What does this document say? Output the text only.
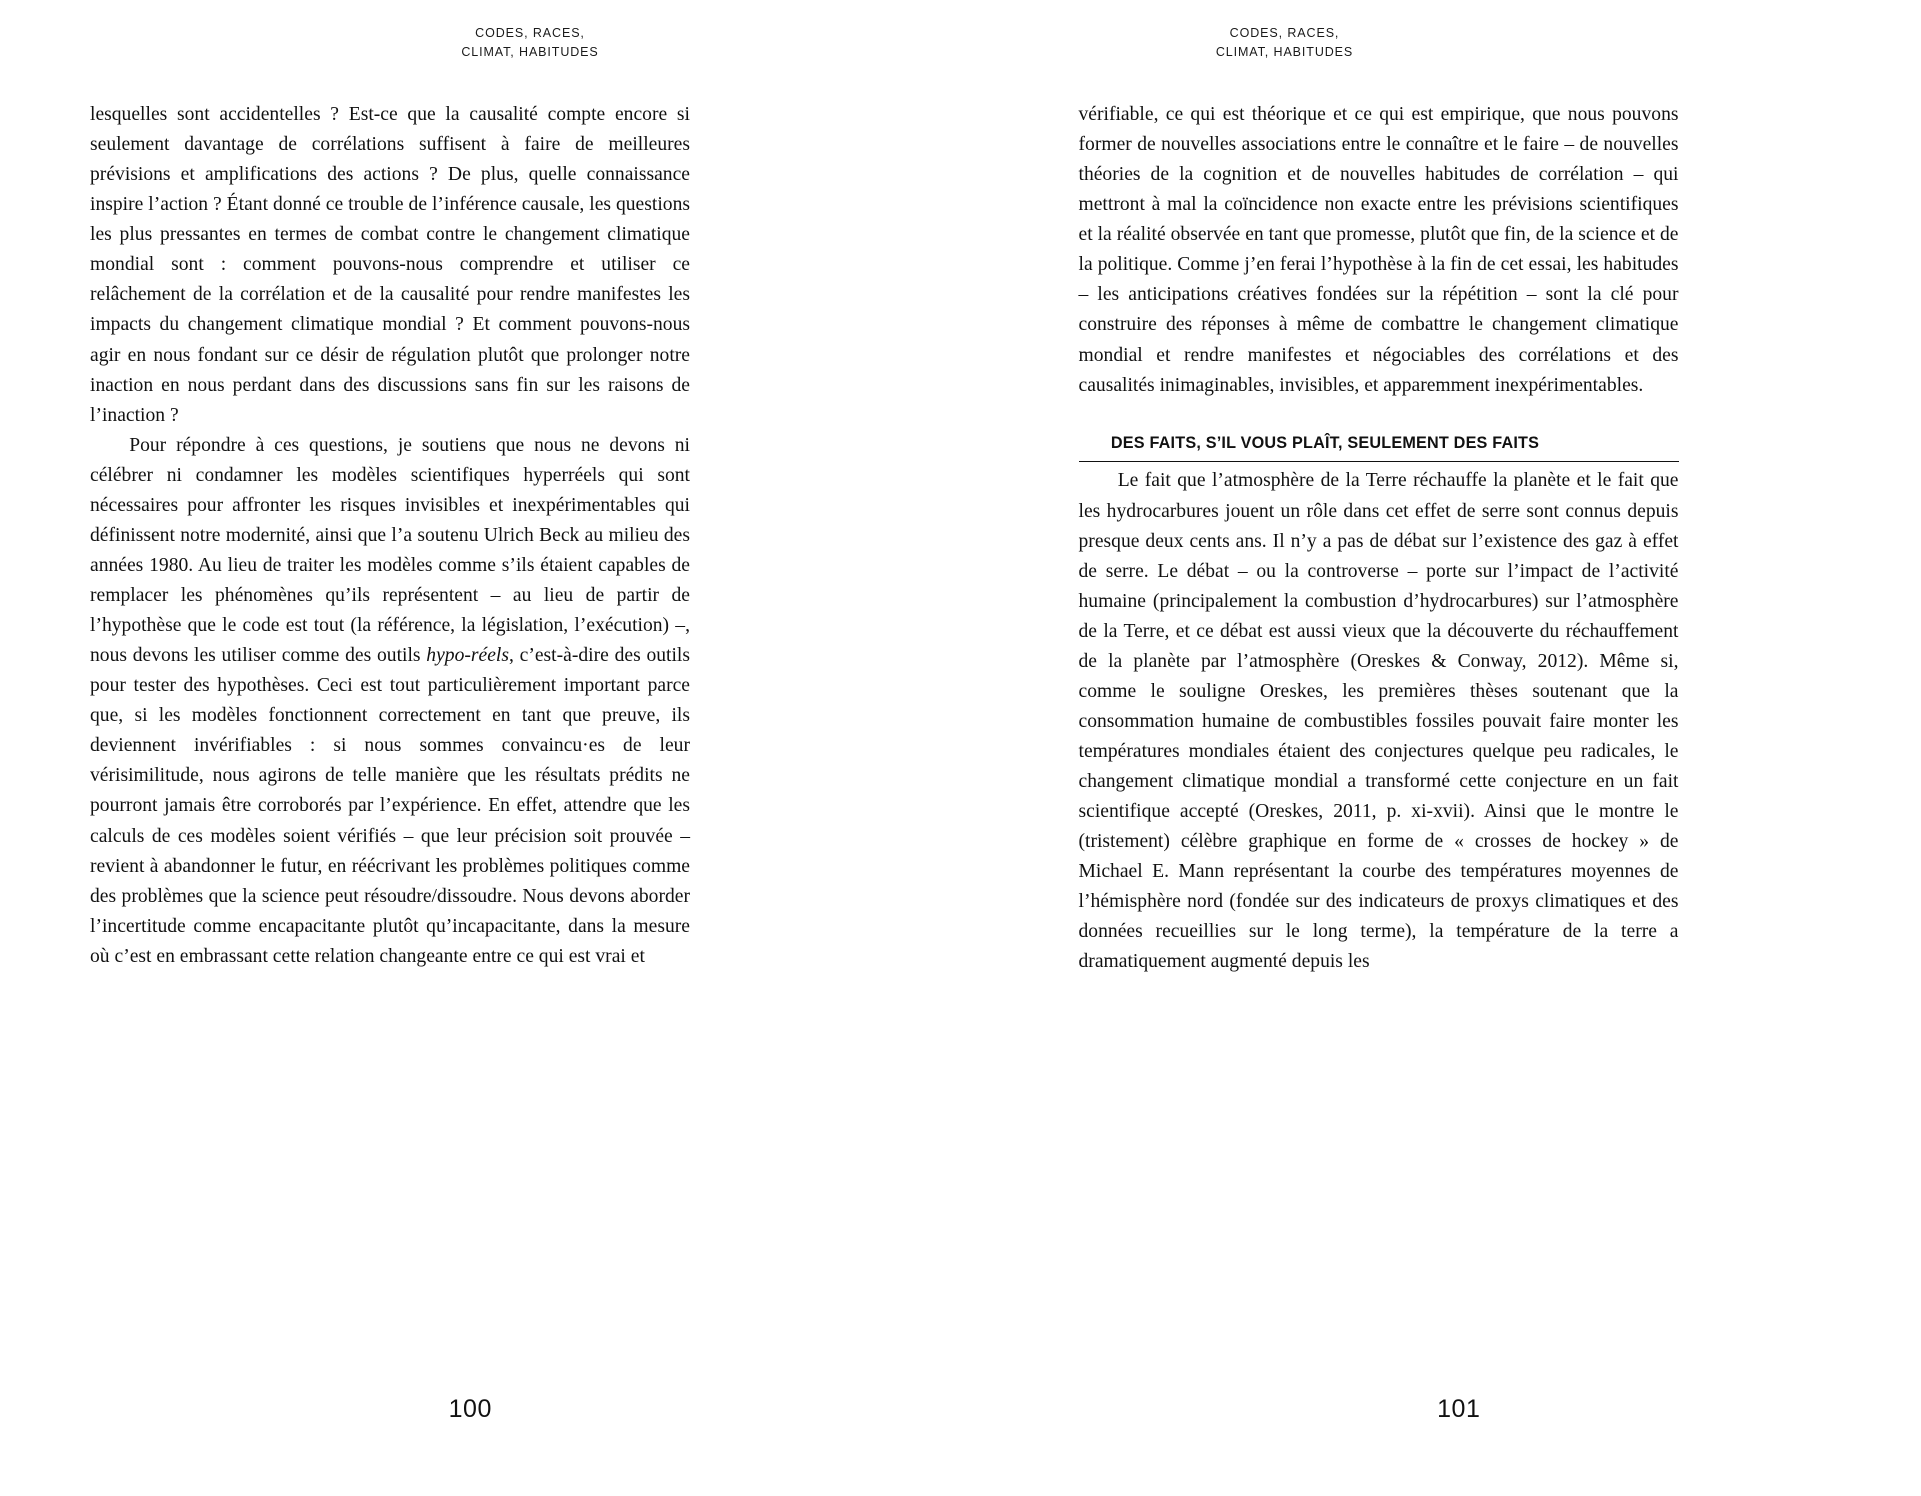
CODES, RACES,
CLIMAT, HABITUDES

lesquelles sont accidentelles ? Est-ce que la causalité compte encore si seulement davantage de corrélations suffisent à faire de meilleures prévisions et amplifications des actions ? De plus, quelle connaissance inspire l’action ? Étant donné ce trouble de l’inférence causale, les questions les plus pressantes en termes de combat contre le changement climatique mondial sont : comment pouvons-nous comprendre et utiliser ce relâchement de la corrélation et de la causalité pour rendre manifestes les impacts du changement climatique mondial ? Et comment pouvons-nous agir en nous fondant sur ce désir de régulation plutôt que prolonger notre inaction en nous perdant dans des discussions sans fin sur les raisons de l’inaction ?

Pour répondre à ces questions, je soutiens que nous ne devons ni célébrer ni condamner les modèles scientifiques hyperréels qui sont nécessaires pour affronter les risques invisibles et inexpérimentables qui définissent notre modernité, ainsi que l’a soutenu Ulrich Beck au milieu des années 1980. Au lieu de traiter les modèles comme s’ils étaient capables de remplacer les phénomènes qu’ils représentent – au lieu de partir de l’hypothèse que le code est tout (la référence, la législation, l’exécution) –, nous devons les utiliser comme des outils hypo-réels, c’est-à-dire des outils pour tester des hypothèses. Ceci est tout particulièrement important parce que, si les modèles fonctionnent correctement en tant que preuve, ils deviennent invérifiables : si nous sommes convaincu·es de leur vérisimilitude, nous agirons de telle manière que les résultats prédits ne pourront jamais être corroborés par l’expérience. En effet, attendre que les calculs de ces modèles soient vérifiés – que leur précision soit prouvée – revient à abandonner le futur, en réécrivant les problèmes politiques comme des problèmes que la science peut résoudre/dissoudre. Nous devons aborder l’incertitude comme encapacitante plutôt qu’incapacitante, dans la mesure où c’est en embrassant cette relation changeante entre ce qui est vrai et

100
CODES, RACES,
CLIMAT, HABITUDES

vérifiable, ce qui est théorique et ce qui est empirique, que nous pouvons former de nouvelles associations entre le connaître et le faire – de nouvelles théories de la cognition et de nouvelles habitudes de corrélation – qui mettront à mal la coïncidence non exacte entre les prévisions scientifiques et la réalité observée en tant que promesse, plutôt que fin, de la science et de la politique. Comme j’en ferai l’hypothèse à la fin de cet essai, les habitudes – les anticipations créatives fondées sur la répétition – sont la clé pour construire des réponses à même de combattre le changement climatique mondial et rendre manifestes et négociables des corrélations et des causalités inimaginables, invisibles, et apparemment inexpérimentables.

DES FAITS, S’IL VOUS PLAÎT, SEULEMENT DES FAITS

Le fait que l’atmosphère de la Terre réchauffe la planète et le fait que les hydrocarbures jouent un rôle dans cet effet de serre sont connus depuis presque deux cents ans. Il n’y a pas de débat sur l’existence des gaz à effet de serre. Le débat – ou la controverse – porte sur l’impact de l’activité humaine (principalement la combustion d’hydrocarbures) sur l’atmosphère de la Terre, et ce débat est aussi vieux que la découverte du réchauffement de la planète par l’atmosphère (Oreskes & Conway, 2012). Même si, comme le souligne Oreskes, les premières thèses soutenant que la consommation humaine de combustibles fossiles pouvait faire monter les températures mondiales étaient des conjectures quelque peu radicales, le changement climatique mondial a transformé cette conjecture en un fait scientifique accepté (Oreskes, 2011, p. xi-xvii). Ainsi que le montre le (tristement) célèbre graphique en forme de « crosses de hockey » de Michael E. Mann représentant la courbe des températures moyennes de l’hémisphère nord (fondée sur des indicateurs de proxys climatiques et des données recueillies sur le long terme), la température de la terre a dramatiquement augmenté depuis les

101
